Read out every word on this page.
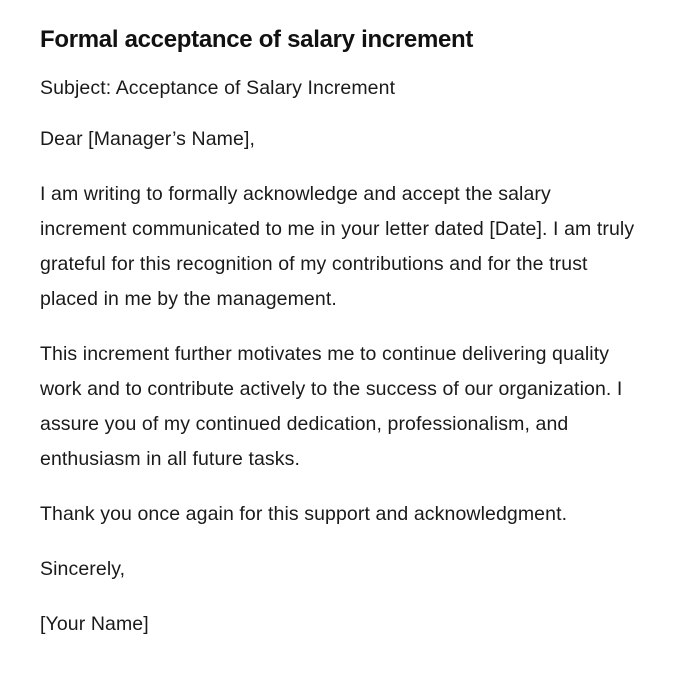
Formal acceptance of salary increment

Subject: Acceptance of Salary Increment

Dear [Manager’s Name],

I am writing to formally acknowledge and accept the salary increment communicated to me in your letter dated [Date]. I am truly grateful for this recognition of my contributions and for the trust placed in me by the management.

This increment further motivates me to continue delivering quality work and to contribute actively to the success of our organization. I assure you of my continued dedication, professionalism, and enthusiasm in all future tasks.

Thank you once again for this support and acknowledgment.

Sincerely,

[Your Name]
